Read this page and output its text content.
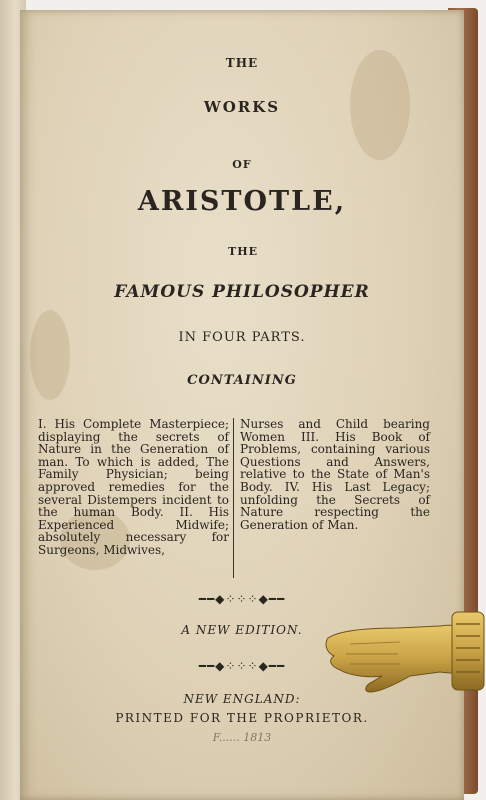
THE
WORKS
OF
ARISTOTLE,
THE
FAMOUS PHILOSOPHER
IN FOUR PARTS.
CONTAINING
I. His Complete Masterpiece; displaying the secrets of Nature in the Generation of man. To which is added, The Family Physician; being approved remedies for the several Distempers incident to the human Body. II. His Experienced Midwife; absolutely necessary for Surgeons, Midwives,
Nurses and Child bearing Women III. His Book of Problems, containing various Questions and Answers, relative to the State of Man's Body. IV. His Last Legacy; unfolding the Secrets of Nature respecting the Generation of Man.
━━◆⁘⁘⁘◆━━
A NEW EDITION.
━━◆⁘⁘⁘◆━━
NEW ENGLAND:
PRINTED FOR THE PROPRIETOR.
F...... 1813
